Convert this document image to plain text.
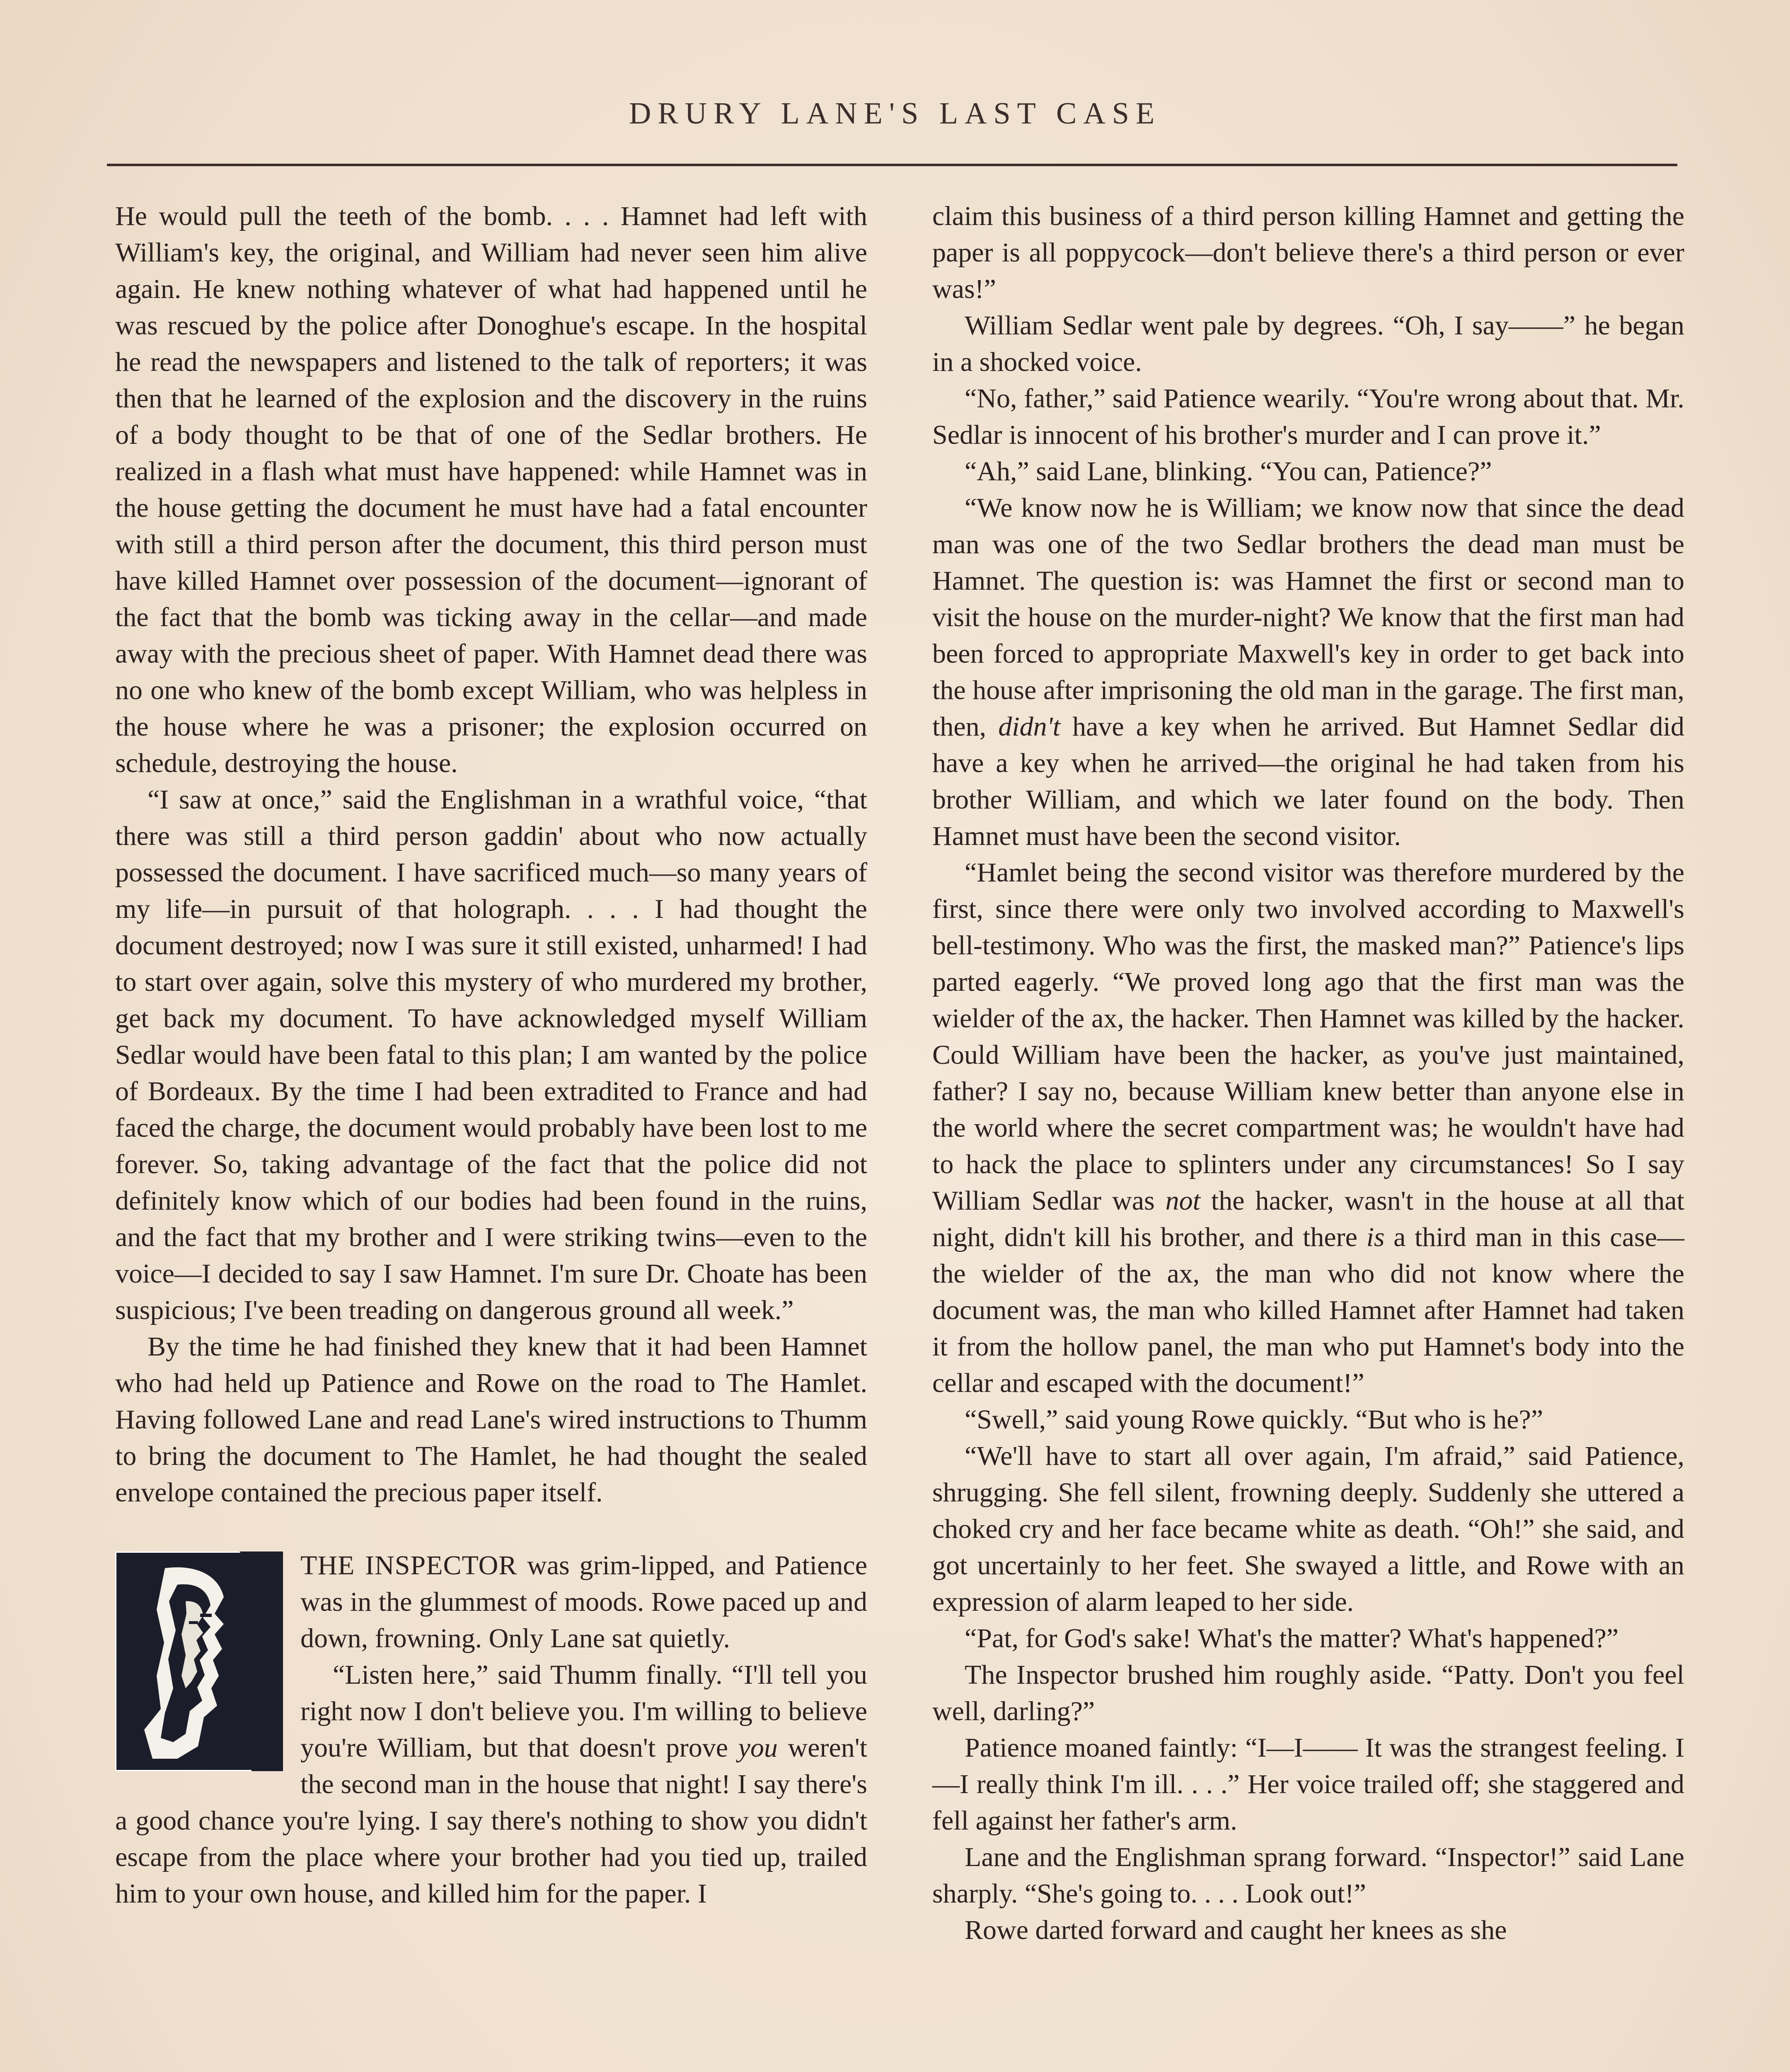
DRURY LANE'S LAST CASE

He would pull the teeth of the bomb. . . . Hamnet had left with William's key, the original, and William had never seen him alive again. He knew nothing whatever of what had happened until he was rescued by the police after Donoghue's escape. In the hospital he read the newspapers and listened to the talk of reporters; it was then that he learned of the explosion and the discovery in the ruins of a body thought to be that of one of the Sedlar brothers. He realized in a flash what must have happened: while Hamnet was in the house getting the document he must have had a fatal encounter with still a third person after the document, this third person must have killed Hamnet over possession of the document—ignorant of the fact that the bomb was ticking away in the cellar—and made away with the precious sheet of paper. With Hamnet dead there was no one who knew of the bomb except William, who was helpless in the house where he was a prisoner; the explosion occurred on schedule, destroying the house.

“I saw at once,” said the Englishman in a wrathful voice, “that there was still a third person gaddin' about who now actually possessed the document. I have sacrificed much—so many years of my life—in pursuit of that holograph. . . . I had thought the document destroyed; now I was sure it still existed, unharmed! I had to start over again, solve this mystery of who murdered my brother, get back my document. To have acknowledged myself William Sedlar would have been fatal to this plan; I am wanted by the police of Bordeaux. By the time I had been extradited to France and had faced the charge, the document would probably have been lost to me forever. So, taking advantage of the fact that the police did not definitely know which of our bodies had been found in the ruins, and the fact that my brother and I were striking twins—even to the voice—I decided to say I saw Hamnet. I'm sure Dr. Choate has been suspicious; I've been treading on dangerous ground all week.”

By the time he had finished they knew that it had been Hamnet who had held up Patience and Rowe on the road to The Hamlet. Having followed Lane and read Lane's wired instructions to Thumm to bring the document to The Hamlet, he had thought the sealed envelope contained the precious paper itself.

THE INSPECTOR was grim-lipped, and Patience was in the glummest of moods. Rowe paced up and down, frowning. Only Lane sat quietly.

“Listen here,” said Thumm finally. “I'll tell you right now I don't believe you. I'm willing to believe you're William, but that doesn't prove you weren't the second man in the house that night! I say there's a good chance you're lying. I say there's nothing to show you didn't escape from the place where your brother had you tied up, trailed him to your own house, and killed him for the paper. I

claim this business of a third person killing Hamnet and getting the paper is all poppycock—don't believe there's a third person or ever was!”

William Sedlar went pale by degrees. “Oh, I say——” he began in a shocked voice.

“No, father,” said Patience wearily. “You're wrong about that. Mr. Sedlar is innocent of his brother's murder and I can prove it.”

“Ah,” said Lane, blinking. “You can, Patience?”

“We know now he is William; we know now that since the dead man was one of the two Sedlar brothers the dead man must be Hamnet. The question is: was Hamnet the first or second man to visit the house on the murder-night? We know that the first man had been forced to appropriate Maxwell's key in order to get back into the house after imprisoning the old man in the garage. The first man, then, didn't have a key when he arrived. But Hamnet Sedlar did have a key when he arrived—the original he had taken from his brother William, and which we later found on the body. Then Hamnet must have been the second visitor.

“Hamlet being the second visitor was therefore murdered by the first, since there were only two involved according to Maxwell's bell-testimony. Who was the first, the masked man?” Patience's lips parted eagerly. “We proved long ago that the first man was the wielder of the ax, the hacker. Then Hamnet was killed by the hacker. Could William have been the hacker, as you've just maintained, father? I say no, because William knew better than anyone else in the world where the secret compartment was; he wouldn't have had to hack the place to splinters under any circumstances! So I say William Sedlar was not the hacker, wasn't in the house at all that night, didn't kill his brother, and there is a third man in this case—the wielder of the ax, the man who did not know where the document was, the man who killed Hamnet after Hamnet had taken it from the hollow panel, the man who put Hamnet's body into the cellar and escaped with the document!”

“Swell,” said young Rowe quickly. “But who is he?”

“We'll have to start all over again, I'm afraid,” said Patience, shrugging. She fell silent, frowning deeply. Suddenly she uttered a choked cry and her face became white as death. “Oh!” she said, and got uncertainly to her feet. She swayed a little, and Rowe with an expression of alarm leaped to her side.

“Pat, for God's sake! What's the matter? What's happened?”

The Inspector brushed him roughly aside. “Patty. Don't you feel well, darling?”

Patience moaned faintly: “I—I—— It was the strangest feeling. I—I really think I'm ill. . . .” Her voice trailed off; she staggered and fell against her father's arm.

Lane and the Englishman sprang forward. “Inspector!” said Lane sharply. “She's going to. . . . Look out!”

Rowe darted forward and caught her knees as she
